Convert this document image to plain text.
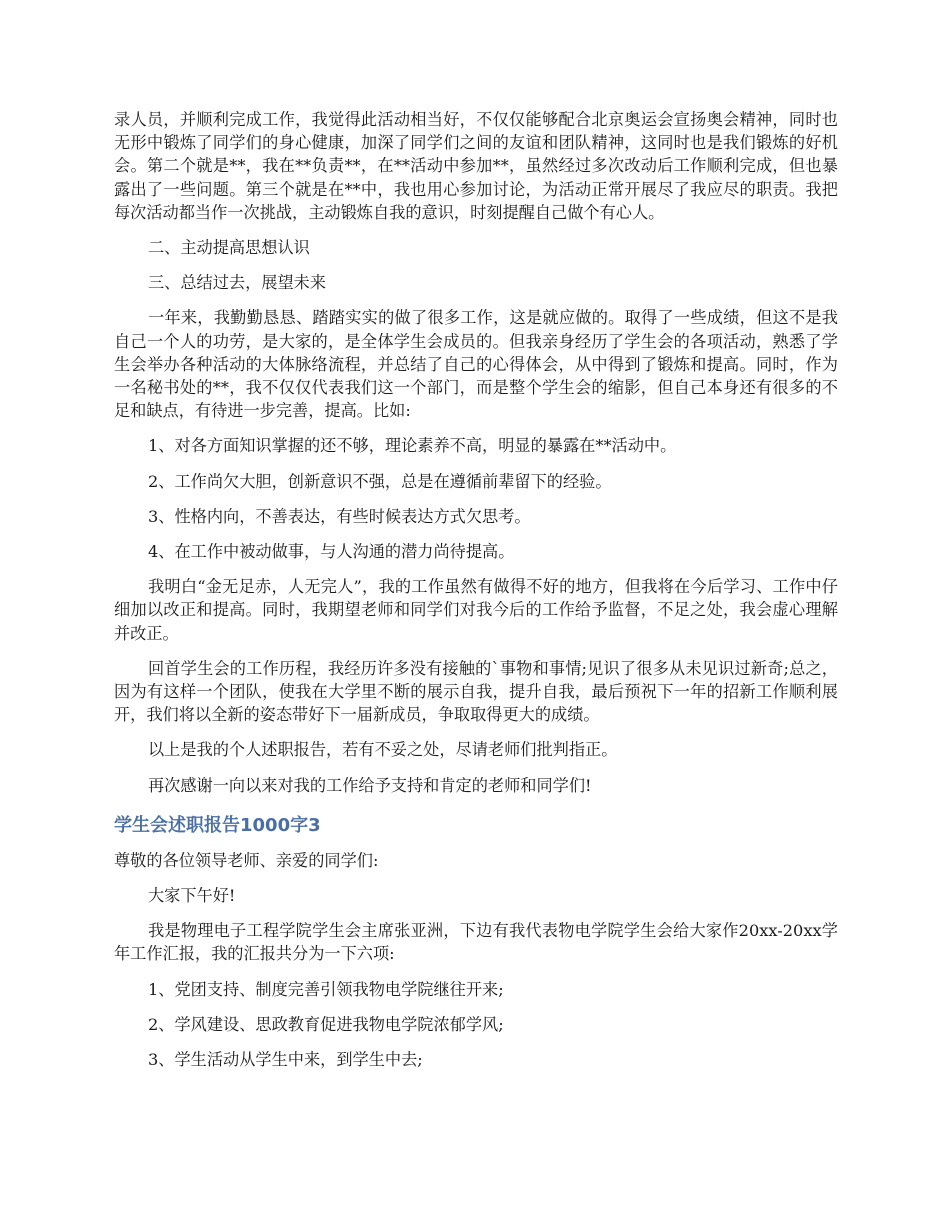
录人员，并顺利完成工作，我觉得此活动相当好，不仅仅能够配合北京奥运会宣扬奥会精神，同时也无形中锻炼了同学们的身心健康，加深了同学们之间的友谊和团队精神，这同时也是我们锻炼的好机会。第二个就是**，我在**负责**，在**活动中参加**，虽然经过多次改动后工作顺利完成，但也暴露出了一些问题。第三个就是在**中，我也用心参加讨论，为活动正常开展尽了我应尽的职责。我把每次活动都当作一次挑战，主动锻炼自我的意识，时刻提醒自己做个有心人。

二、主动提高思想认识

三、总结过去，展望未来

一年来，我勤勤恳恳、踏踏实实的做了很多工作，这是就应做的。取得了一些成绩，但这不是我自己一个人的功劳，是大家的，是全体学生会成员的。但我亲身经历了学生会的各项活动，熟悉了学生会举办各种活动的大体脉络流程，并总结了自己的心得体会，从中得到了锻炼和提高。同时，作为一名秘书处的**，我不仅仅代表我们这一个部门，而是整个学生会的缩影，但自己本身还有很多的不足和缺点，有待进一步完善，提高。比如:

1、对各方面知识掌握的还不够，理论素养不高，明显的暴露在**活动中。

2、工作尚欠大胆，创新意识不强，总是在遵循前辈留下的经验。

3、性格内向，不善表达，有些时候表达方式欠思考。

4、在工作中被动做事，与人沟通的潜力尚待提高。

我明白“金无足赤，人无完人”，我的工作虽然有做得不好的地方，但我将在今后学习、工作中仔细加以改正和提高。同时，我期望老师和同学们对我今后的工作给予监督，不足之处，我会虚心理解并改正。

回首学生会的工作历程，我经历许多没有接触的`事物和事情;见识了很多从未见识过新奇;总之，因为有这样一个团队，使我在大学里不断的展示自我，提升自我，最后预祝下一年的招新工作顺利展开，我们将以全新的姿态带好下一届新成员，争取取得更大的成绩。

以上是我的个人述职报告，若有不妥之处，尽请老师们批判指正。

再次感谢一向以来对我的工作给予支持和肯定的老师和同学们!

学生会述职报告1000字3

尊敬的各位领导老师、亲爱的同学们:

大家下午好!

我是物理电子工程学院学生会主席张亚洲，下边有我代表物电学院学生会给大家作20xx-20xx学年工作汇报，我的汇报共分为一下六项:

1、党团支持、制度完善引领我物电学院继往开来;

2、学风建设、思政教育促进我物电学院浓郁学风;

3、学生活动从学生中来，到学生中去;
